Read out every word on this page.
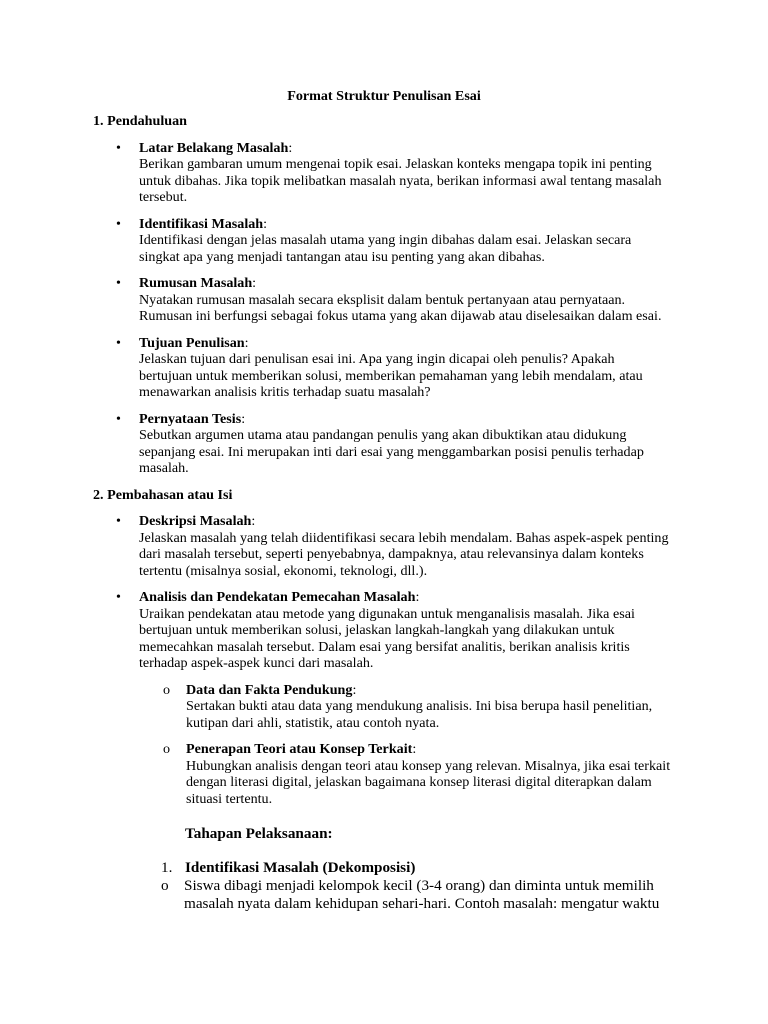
Format Struktur Penulisan Esai
1. Pendahuluan
• Latar Belakang Masalah:
Berikan gambaran umum mengenai topik esai. Jelaskan konteks mengapa topik ini penting
untuk dibahas. Jika topik melibatkan masalah nyata, berikan informasi awal tentang masalah
tersebut.
• Identifikasi Masalah:
Identifikasi dengan jelas masalah utama yang ingin dibahas dalam esai. Jelaskan secara
singkat apa yang menjadi tantangan atau isu penting yang akan dibahas.
• Rumusan Masalah:
Nyatakan rumusan masalah secara eksplisit dalam bentuk pertanyaan atau pernyataan.
Rumusan ini berfungsi sebagai fokus utama yang akan dijawab atau diselesaikan dalam esai.
• Tujuan Penulisan:
Jelaskan tujuan dari penulisan esai ini. Apa yang ingin dicapai oleh penulis? Apakah
bertujuan untuk memberikan solusi, memberikan pemahaman yang lebih mendalam, atau
menawarkan analisis kritis terhadap suatu masalah?
• Pernyataan Tesis:
Sebutkan argumen utama atau pandangan penulis yang akan dibuktikan atau didukung
sepanjang esai. Ini merupakan inti dari esai yang menggambarkan posisi penulis terhadap
masalah.
2. Pembahasan atau Isi
• Deskripsi Masalah:
Jelaskan masalah yang telah diidentifikasi secara lebih mendalam. Bahas aspek-aspek penting
dari masalah tersebut, seperti penyebabnya, dampaknya, atau relevansinya dalam konteks
tertentu (misalnya sosial, ekonomi, teknologi, dll.).
• Analisis dan Pendekatan Pemecahan Masalah:
Uraikan pendekatan atau metode yang digunakan untuk menganalisis masalah. Jika esai
bertujuan untuk memberikan solusi, jelaskan langkah-langkah yang dilakukan untuk
memecahkan masalah tersebut. Dalam esai yang bersifat analitis, berikan analisis kritis
terhadap aspek-aspek kunci dari masalah.
o Data dan Fakta Pendukung:
Sertakan bukti atau data yang mendukung analisis. Ini bisa berupa hasil penelitian,
kutipan dari ahli, statistik, atau contoh nyata.
o Penerapan Teori atau Konsep Terkait:
Hubungkan analisis dengan teori atau konsep yang relevan. Misalnya, jika esai terkait
dengan literasi digital, jelaskan bagaimana konsep literasi digital diterapkan dalam
situasi tertentu.
Tahapan Pelaksanaan:
1. Identifikasi Masalah (Dekomposisi)
o Siswa dibagi menjadi kelompok kecil (3-4 orang) dan diminta untuk memilih
masalah nyata dalam kehidupan sehari-hari. Contoh masalah: mengatur waktu
